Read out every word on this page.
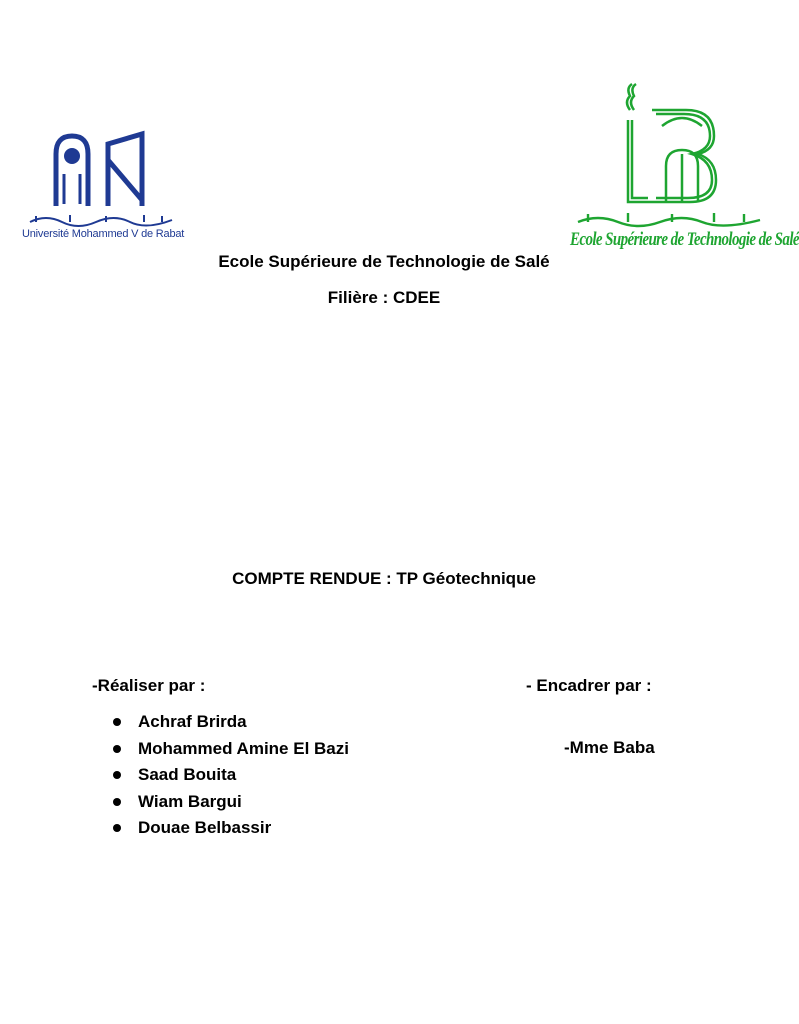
Université Mohammed V de Rabat	Ecole Supérieure de Technologie de Salé
Ecole Supérieure de Technologie de Salé
Filière : CDEE
COMPTE RENDUE : TP Géotechnique
-Réaliser par :	- Encadrer par :
Achraf Brirda
Mohammed Amine El Bazi
Saad Bouita
Wiam Bargui
Douae Belbassir
-Mme Baba
